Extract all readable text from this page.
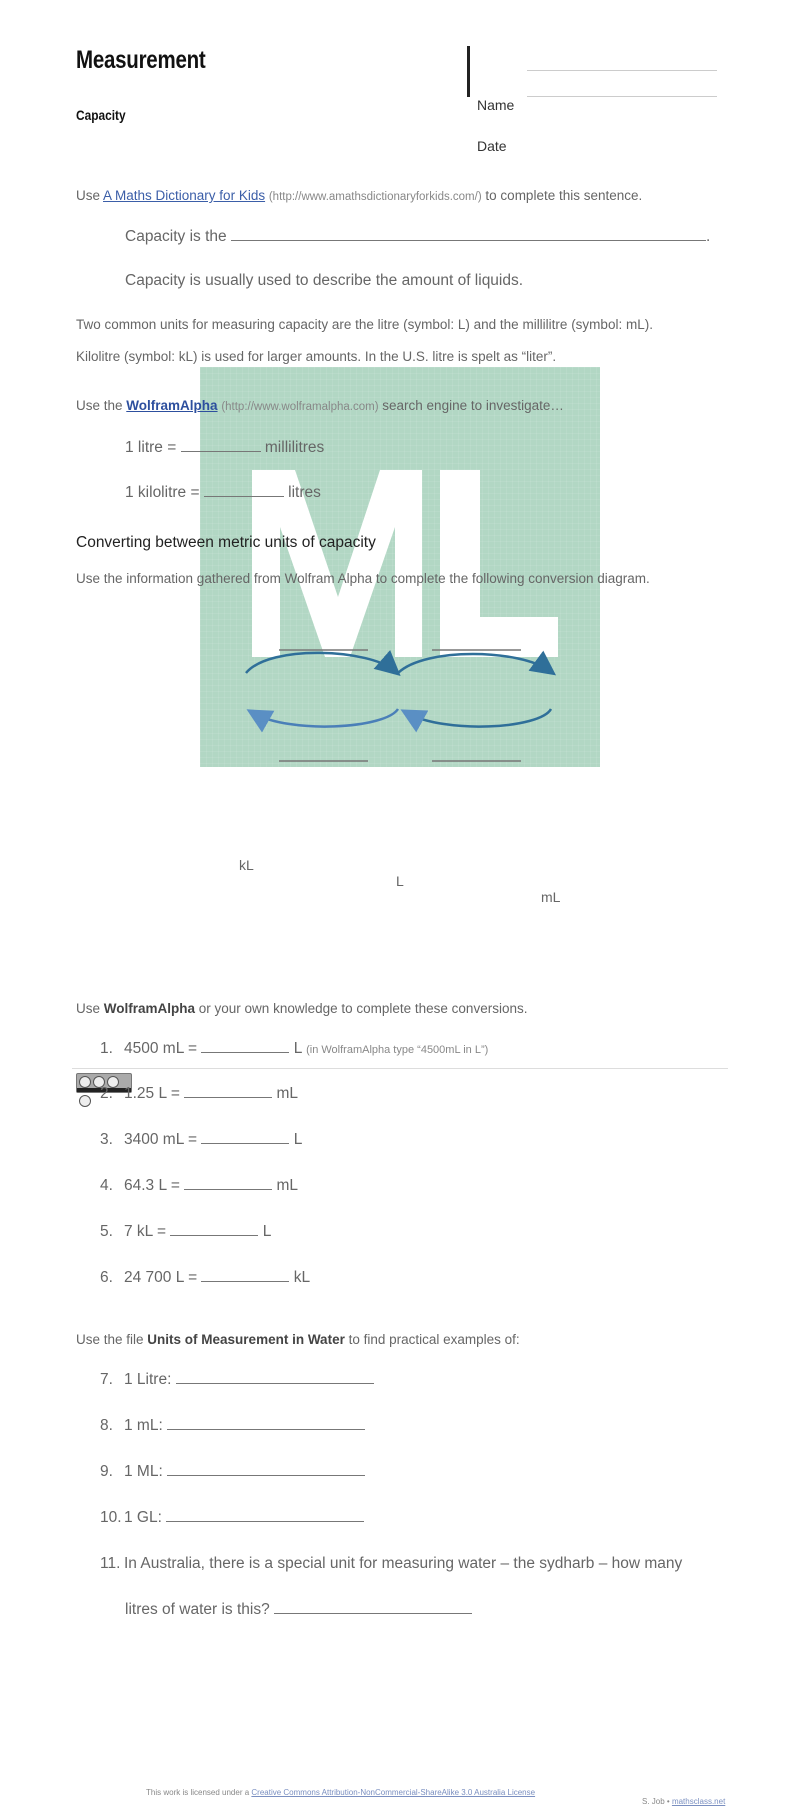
Measurement
Capacity
Name
Date
Use A Maths Dictionary for Kids (http://www.amathsdictionaryforkids.com/) to complete this sentence.
Capacity is the	.
Capacity is usually used to describe the amount of liquids.
Two common units for measuring capacity are the litre (symbol: L) and the millilitre (symbol: mL).
Kilolitre (symbol: kL) is used for larger amounts. In the U.S. litre is spelt as “liter”.
Use the WolframAlpha (http://www.wolframalpha.com) search engine to investigate…
1 litre =	millilitres
1 kilolitre =	litres
Converting between metric units of capacity
Use the information gathered from Wolfram Alpha to complete the following conversion diagram.
kL
L
mL
Use WolframAlpha or your own knowledge to complete these conversions.
1. 4500 mL =	L (in WolframAlpha type “4500mL in L”)
2. 1.25 L =	mL
3. 3400 mL =	L
4. 64.3 L =	mL
5. 7 kL =	L
6. 24 700 L =	kL
Use the file Units of Measurement in Water to find practical examples of:
7. 1 Litre:
8. 1 mL:
9. 1 ML:
10. 1 GL:
11. In Australia, there is a special unit for measuring water – the sydharb – how many
litres of water is this?
This work is licensed under a Creative Commons Attribution-NonCommercial-ShareAlike 3.0 Australia License
S. Job • mathsclass.net
